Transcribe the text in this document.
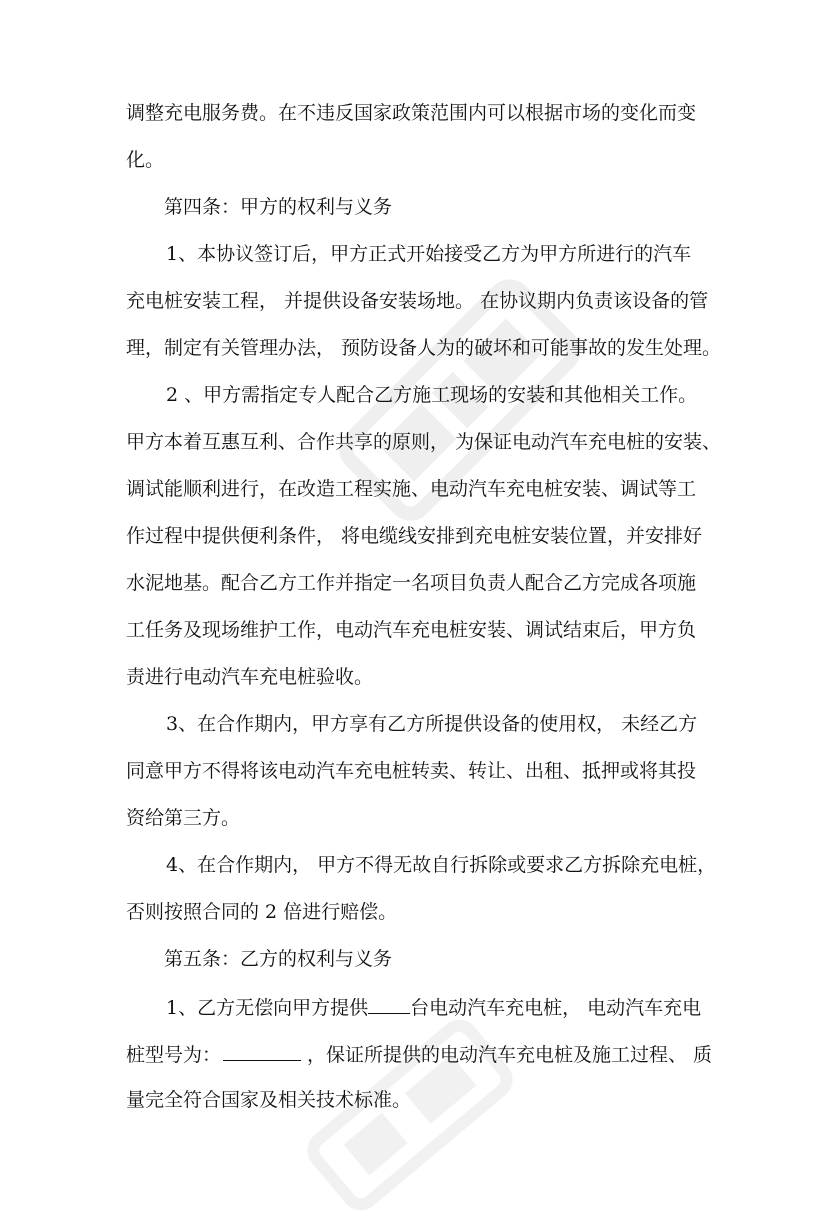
调整充电服务费。在不违反国家政策范围内可以根据市场的变化而变
化。
第四条：甲方的权利与义务
1、本协议签订后，甲方正式开始接受乙方为甲方所进行的汽车
充电桩安装工程， 并提供设备安装场地。 在协议期内负责该设备的管
理，制定有关管理办法， 预防设备人为的破坏和可能事故的发生处理。
2 、甲方需指定专人配合乙方施工现场的安装和其他相关工作。
甲方本着互惠互利、合作共享的原则， 为保证电动汽车充电桩的安装、
调试能顺利进行，在改造工程实施、电动汽车充电桩安装、调试等工
作过程中提供便利条件， 将电缆线安排到充电桩安装位置，并安排好
水泥地基。配合乙方工作并指定一名项目负责人配合乙方完成各项施
工任务及现场维护工作，电动汽车充电桩安装、调试结束后，甲方负
责进行电动汽车充电桩验收。
3、在合作期内，甲方享有乙方所提供设备的使用权， 未经乙方
同意甲方不得将该电动汽车充电桩转卖、转让、出租、抵押或将其投
资给第三方。
4、在合作期内， 甲方不得无故自行拆除或要求乙方拆除充电桩，
否则按照合同的 2 倍进行赔偿。
第五条：乙方的权利与义务
1、乙方无偿向甲方提供 台电动汽车充电桩， 电动汽车充电
桩型号为：	，保证所提供的电动汽车充电桩及施工过程、 质
量完全符合国家及相关技术标准。
